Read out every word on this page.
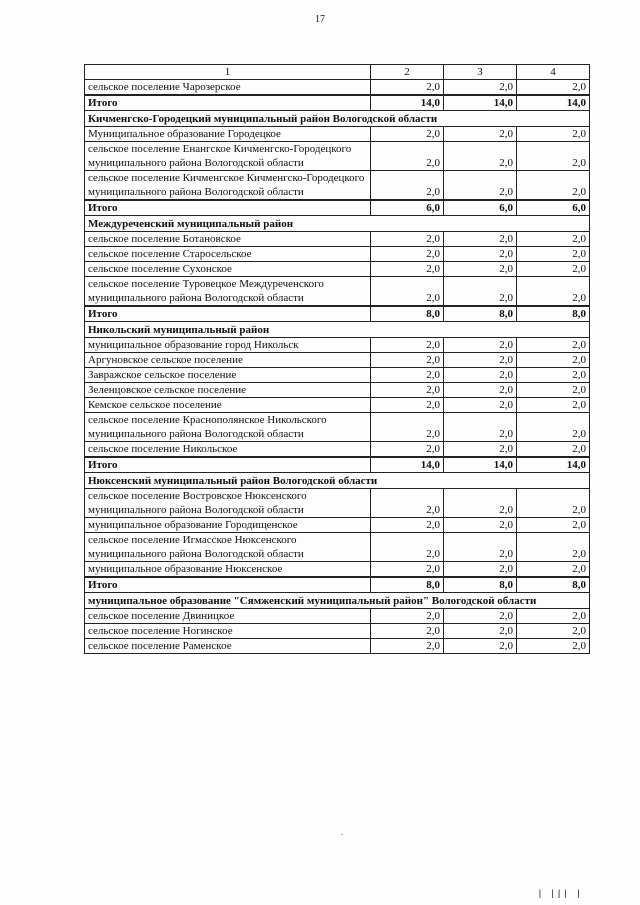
17
1	2	3	4
сельское поселение Чарозерское	2,0	2,0	2,0
Итого	14,0	14,0	14,0
Кичменгско-Городецкий муниципальный район Вологодской области			
Муниципальное образование Городецкое	2,0	2,0	2,0
сельское поселение Енангское Кичменгско-Городецкого муниципального района Вологодской области	2,0	2,0	2,0
сельское поселение Кичменгское Кичменгско-Городецкого муниципального района Вологодской области	2,0	2,0	2,0
Итого	6,0	6,0	6,0
Междуреченский муниципальный район			
сельское поселение Ботановское	2,0	2,0	2,0
сельское поселение Старосельское	2,0	2,0	2,0
сельское поселение Сухонское	2,0	2,0	2,0
сельское поселение Туровецкое Междуреченского муниципального района Вологодской области	2,0	2,0	2,0
Итого	8,0	8,0	8,0
Никольский муниципальный район			
муниципальное образование город Никольск	2,0	2,0	2,0
Аргуновское сельское поселение	2,0	2,0	2,0
Завражское сельское поселение	2,0	2,0	2,0
Зеленцовское сельское поселение	2,0	2,0	2,0
Кемское сельское поселение	2,0	2,0	2,0
сельское поселение Краснополянское Никольского муниципального района Вологодской области	2,0	2,0	2,0
сельское поселение Никольское	2,0	2,0	2,0
Итого	14,0	14,0	14,0
Нюксенский муниципальный район Вологодской области			
сельское поселение Востровское Нюксенского муниципального района Вологодской области	2,0	2,0	2,0
муниципальное образование Городищенское	2,0	2,0	2,0
сельское поселение Игмасское Нюксенского муниципального района Вологодской области	2,0	2,0	2,0
муниципальное образование Нюксенское	2,0	2,0	2,0
Итого	8,0	8,0	8,0
муниципальное образование "Сямженский муниципальный район" Вологодской области			
сельское поселение Двиницкое	2,0	2,0	2,0
сельское поселение Ногинское	2,0	2,0	2,0
сельское поселение Раменское	2,0	2,0	2,0
.
| ||| |
